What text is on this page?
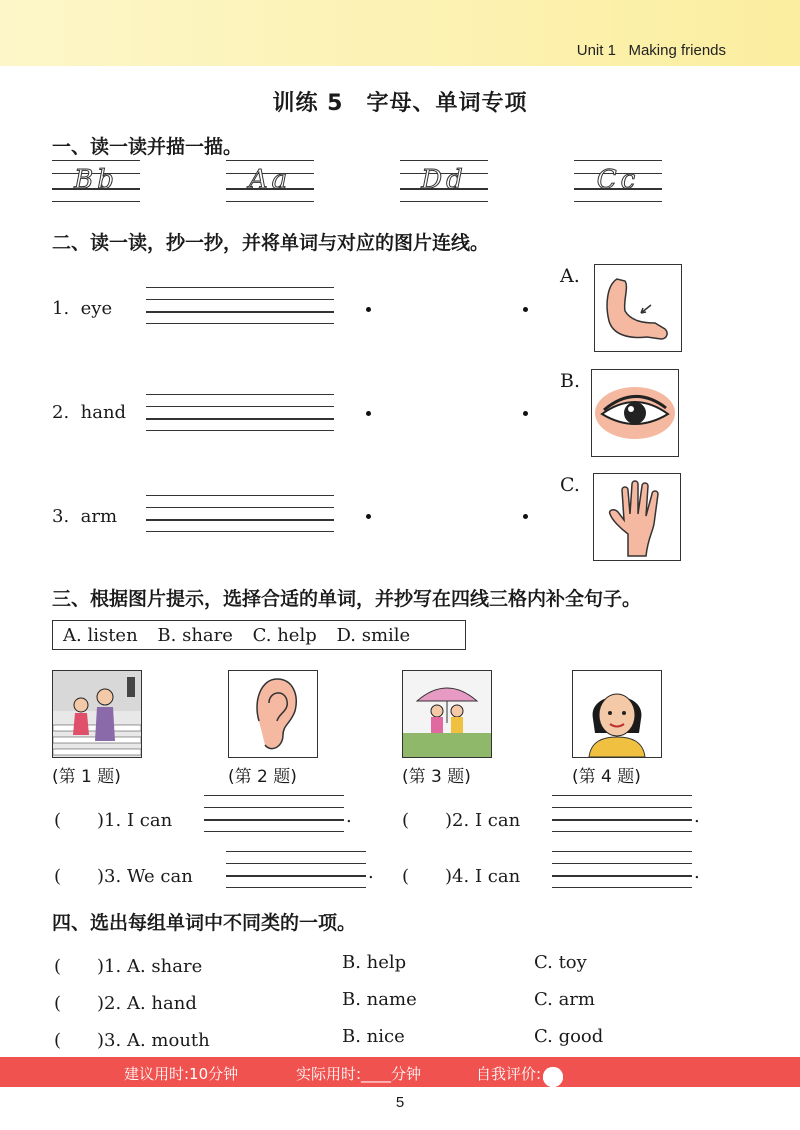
Unit 1 Making friends
训练 5　字母、单词专项
一、读一读并描一描。
Bb	Aa	Dd	Cc
二、读一读，抄一抄，并将单词与对应的图片连线。
1. eye
2. hand
3. arm
A.
B.
C.
三、根据图片提示，选择合适的单词，并抄写在四线三格内补全句子。
A. listen B. share C. help D. smile
(第 1 题)	(第 2 题)	(第 3 题)	(第 4 题)
(　　)1. I can	.	(　　)2. I can	.
(　　)3. We can	. (　　)4. I can	.
四、选出每组单词中不同类的一项。
(　　)1. A. share	B. help	C. toy
(　　)2. A. hand	B. name	C. arm
(　　)3. A. mouth	B. nice	C. good
建议用时:10分钟	实际用时:____分钟	自我评价:
5
